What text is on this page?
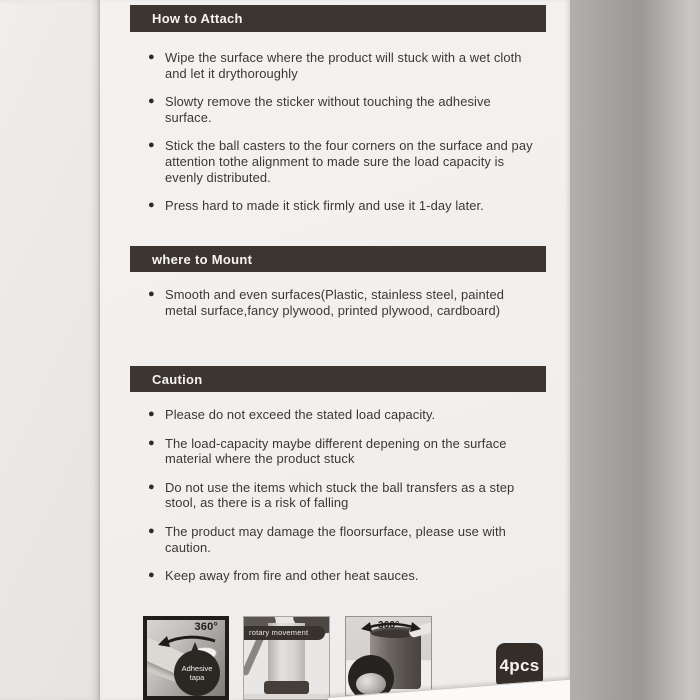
How to Attach
● Wipe the surface where the product will stuck with a wet cloth and let it drythoroughly
● Slowty remove the sticker without touching the adhesive surface.
● Stick the ball casters to the four corners on the surface and pay attention tothe alignment to made sure the load capacity is evenly distributed.
● Press hard to made it stick firmly and use it 1-day later.
where to Mount
● Smooth and even surfaces(Plastic, stainless steel, painted metal surface,fancy plywood, printed plywood, cardboard)
Caution
● Please do not exceed the stated load capacity.
● The load-capacity maybe different depening on the surface material where the product stuck
● Do not use the items which stuck the ball transfers as a step stool, as there is a risk of falling
● The product may damage the floorsurface, please use with caution.
● Keep away from fire and other heat sauces.
360°
Adhesive
tapa
rotary movement
360°
4pcs
